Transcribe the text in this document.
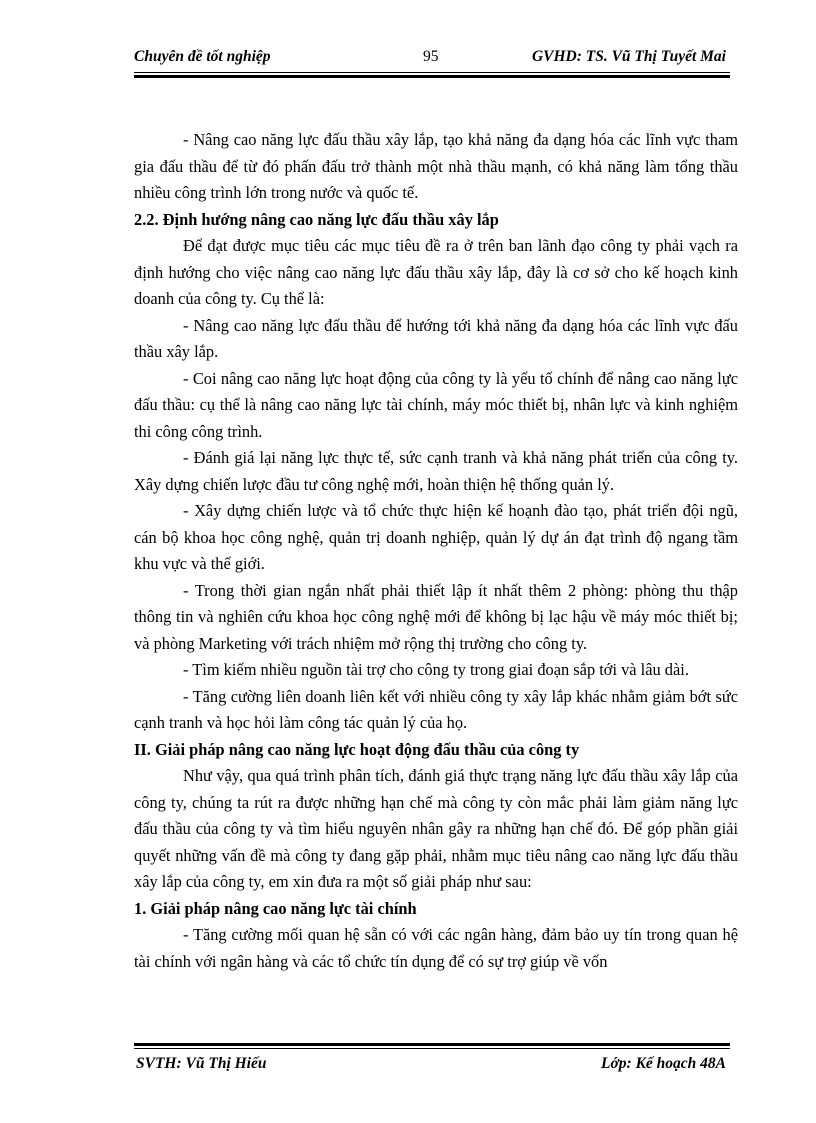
Chuyên đề tốt nghiệp	95	GVHD: TS. Vũ Thị Tuyết Mai

- Nâng cao năng lực đấu thầu xây lắp, tạo khả năng đa dạng hóa các lĩnh vực tham gia đấu thầu để từ đó phấn đấu trở thành một nhà thầu mạnh, có khả năng làm tổng thầu nhiều công trình lớn trong nước và quốc tế.

2.2. Định hướng nâng cao năng lực đấu thầu xây lắp

Để đạt được mục tiêu các mục tiêu đề ra ở trên ban lãnh đạo công ty phải vạch ra định hướng cho việc nâng cao năng lực đấu thầu xây lắp, đây là cơ sở cho kế hoạch kinh doanh của công ty. Cụ thể là:

- Nâng cao năng lực đấu thầu để hướng tới khả năng đa dạng hóa các lĩnh vực đấu thầu xây lắp.

- Coi nâng cao năng lực hoạt động của công ty là yếu tố chính để nâng cao năng lực đấu thầu: cụ thể là nâng cao năng lực tài chính, máy móc thiết bị, nhân lực và kinh nghiệm thi công công trình.

- Đánh giá lại năng lực thực tế, sức cạnh tranh và khả năng phát triển của công ty. Xây dựng chiến lược đầu tư công nghệ mới, hoàn thiện hệ thống quản lý.

- Xây dựng chiến lược và tổ chức thực hiện kế hoạnh đào tạo, phát triển đội ngũ, cán bộ khoa học công nghệ, quản trị doanh nghiệp, quản lý dự án đạt trình độ ngang tầm khu vực và thế giới.

- Trong thời gian ngắn nhất phải thiết lập ít nhất thêm 2 phòng: phòng thu thập thông tin và nghiên cứu khoa học công nghệ mới để không bị lạc hậu về máy móc thiết bị; và phòng Marketing với trách nhiệm mở rộng thị trường cho công ty.

- Tìm kiếm nhiều nguồn tài trợ cho công ty trong giai đoạn sắp tới và lâu dài.

- Tăng cường liên doanh liên kết với nhiều công ty xây lắp khác nhằm giảm bớt sức cạnh tranh và học hỏi làm công tác quản lý của họ.

II. Giải pháp nâng cao năng lực hoạt động đấu thầu của công ty

Như vậy, qua quá trình phân tích, đánh giá thực trạng năng lực đấu thầu xây lắp của công ty, chúng ta rút ra được những hạn chế mà công ty còn mắc phải làm giảm năng lực đấu thầu của công ty và tìm hiểu nguyên nhân gây ra những hạn chế đó. Để góp phần giải quyết những vấn đề mà công ty đang gặp phải, nhằm mục tiêu nâng cao năng lực đấu thầu xây lắp của công ty, em xin đưa ra một số giải pháp như sau:

1. Giải pháp nâng cao năng lực tài chính

- Tăng cường mối quan hệ sẵn có với các ngân hàng, đảm bảo uy tín trong quan hệ tài chính với ngân hàng và các tổ chức tín dụng để có sự trợ giúp về vốn

SVTH: Vũ Thị Hiếu	Lớp: Kế hoạch 48A
